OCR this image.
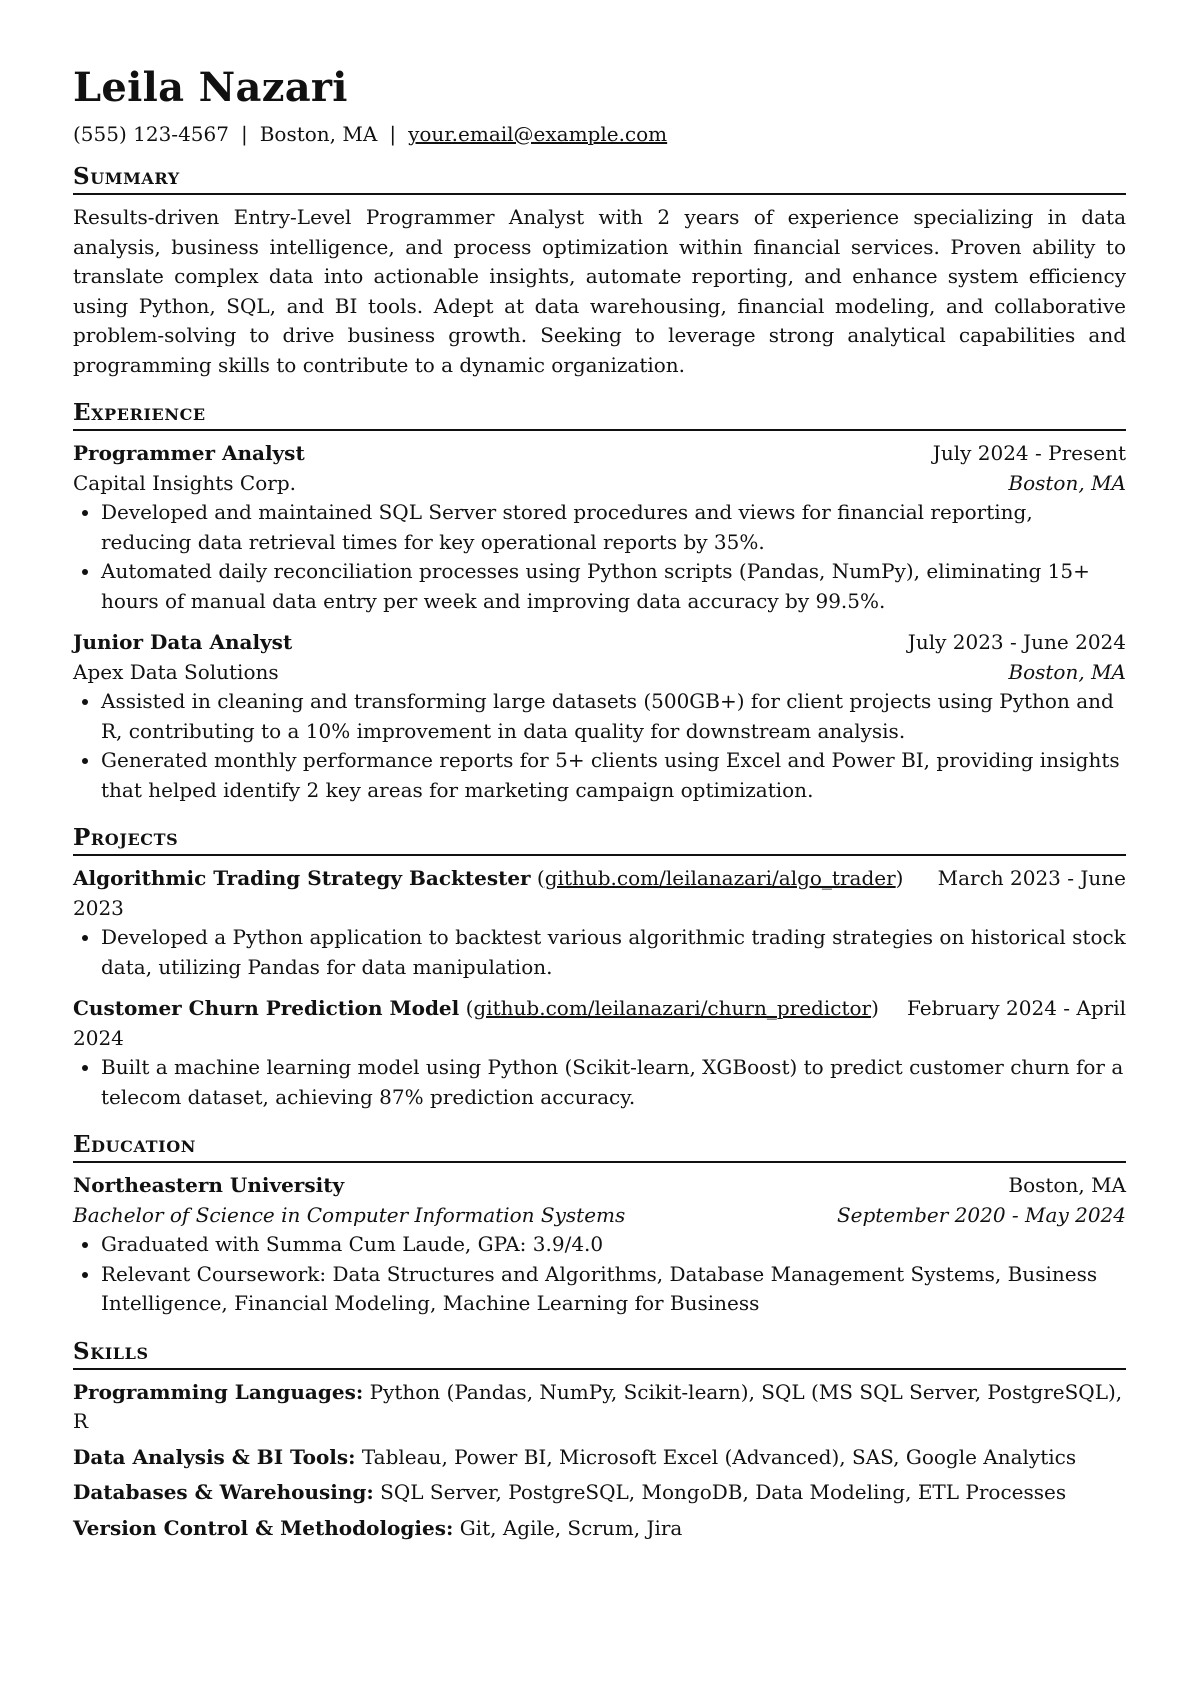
Leila Nazari
(555) 123-4567 | Boston, MA | your.email@example.com
Summary

Results-driven Entry-Level Programmer Analyst with 2 years of experience specializing in data analysis, business intelligence, and process optimization within financial services. Proven ability to translate complex data into actionable insights, automate reporting, and enhance system efficiency using Python, SQL, and BI tools. Adept at data warehousing, financial modeling, and collaborative problem-solving to drive business growth. Seeking to leverage strong analytical capabilities and programming skills to contribute to a dynamic organization.

Experience
Programmer Analyst	July 2024 - Present
Capital Insights Corp.	Boston, MA
• Developed and maintained SQL Server stored procedures and views for financial reporting, reducing data retrieval times for key operational reports by 35%.
• Automated daily reconciliation processes using Python scripts (Pandas, NumPy), eliminating 15+ hours of manual data entry per week and improving data accuracy by 99.5%.
Junior Data Analyst	July 2023 - June 2024
Apex Data Solutions	Boston, MA
• Assisted in cleaning and transforming large datasets (500GB+) for client projects using Python and R, contributing to a 10% improvement in data quality for downstream analysis.
• Generated monthly performance reports for 5+ clients using Excel and Power BI, providing insights that helped identify 2 key areas for marketing campaign optimization.
Projects
Algorithmic Trading Strategy Backtester (github.com/leilanazari/algo_trader)	March 2023 - June
2023
• Developed a Python application to backtest various algorithmic trading strategies on historical stock data, utilizing Pandas for data manipulation.
Customer Churn Prediction Model (github.com/leilanazari/churn_predictor)	February 2024 - April
2024
• Built a machine learning model using Python (Scikit-learn, XGBoost) to predict customer churn for a telecom dataset, achieving 87% prediction accuracy.
Education
Northeastern University	Boston, MA
Bachelor of Science in Computer Information Systems	September 2020 - May 2024
• Graduated with Summa Cum Laude, GPA: 3.9/4.0
• Relevant Coursework: Data Structures and Algorithms, Database Management Systems, Business Intelligence, Financial Modeling, Machine Learning for Business
Skills
Programming Languages: Python (Pandas, NumPy, Scikit-learn), SQL (MS SQL Server, PostgreSQL), R
Data Analysis & BI Tools: Tableau, Power BI, Microsoft Excel (Advanced), SAS, Google Analytics
Databases & Warehousing: SQL Server, PostgreSQL, MongoDB, Data Modeling, ETL Processes
Version Control & Methodologies: Git, Agile, Scrum, Jira
